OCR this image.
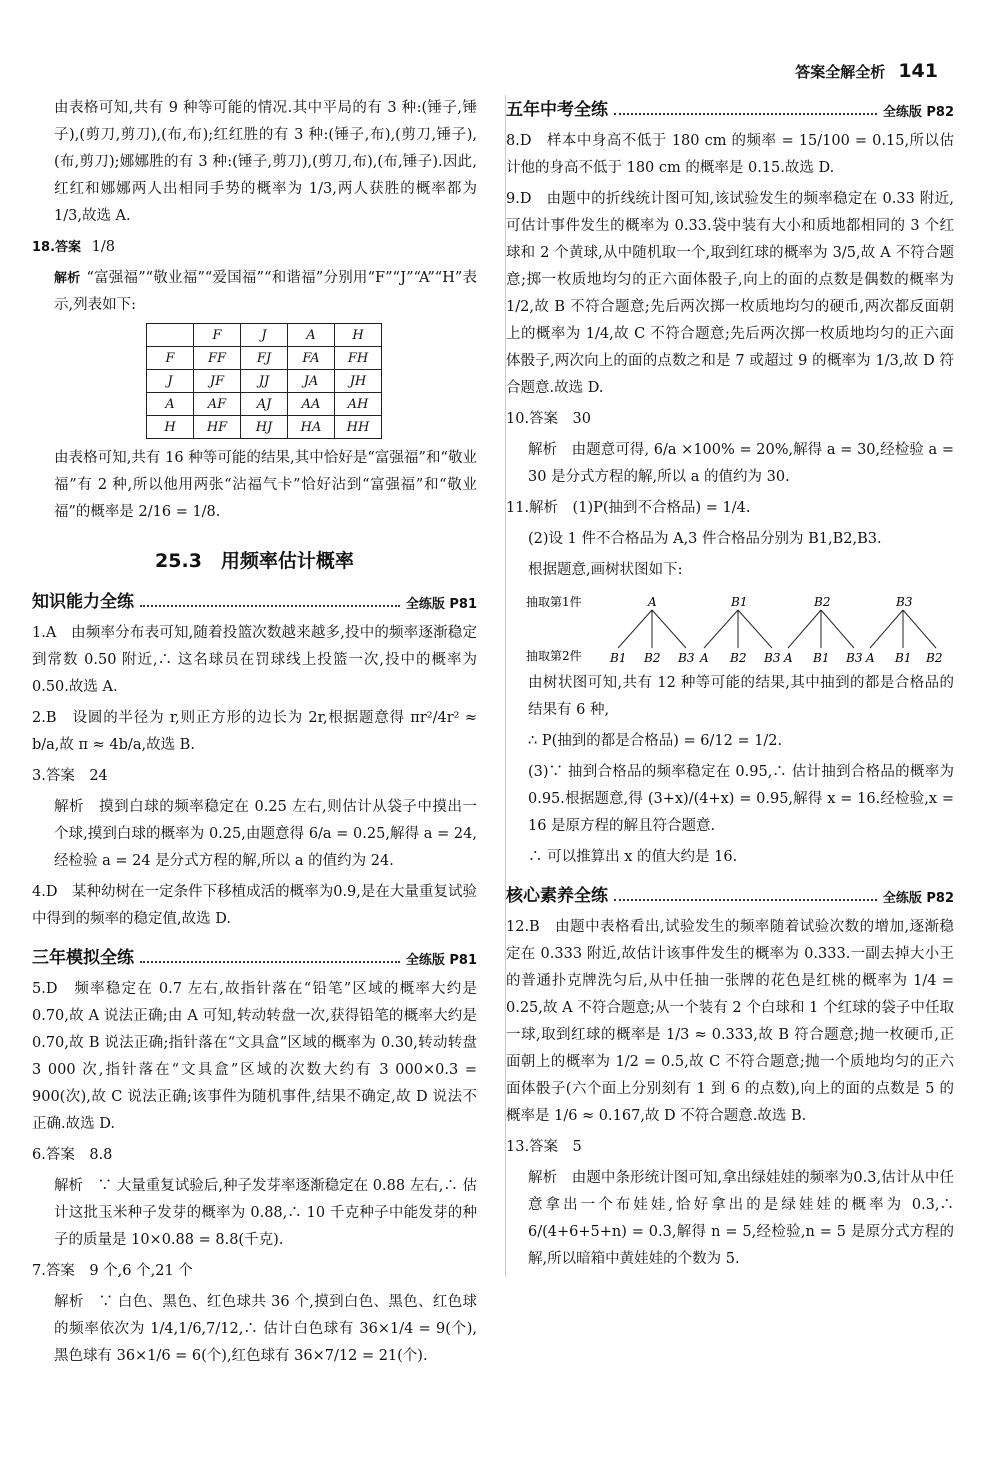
答案全解全析 141

由表格可知,共有 9 种等可能的情况.其中平局的有 3 种:(锤子,锤子),(剪刀,剪刀),(布,布);红红胜的有 3 种:(锤子,布),(剪刀,锤子),(布,剪刀);娜娜胜的有 3 种:(锤子,剪刀),(剪刀,布),(布,锤子).因此,红红和娜娜两人出相同手势的概率为 1/3,两人获胜的概率都为 1/3,故选 A.

18.答案 1/8

解析 “富强福”“敬业福”“爱国福”“和谐福”分别用“F”“J”“A”“H”表示,列表如下:

	F	J	A	H
F	FF	FJ	FA	FH
J	JF	JJ	JA	JH
A	AF	AJ	AA	AH
H	HF	HJ	HA	HH

由表格可知,共有 16 种等可能的结果,其中恰好是“富强福”和“敬业福”有 2 种,所以他用两张“沾福气卡”恰好沾到“富强福”和“敬业福”的概率是 2/16 = 1/8.

25.3　用频率估计概率
知识能力全练	全练版 P81

1.A　由频率分布表可知,随着投篮次数越来越多,投中的频率逐渐稳定到常数 0.50 附近,∴ 这名球员在罚球线上投篮一次,投中的概率为 0.50.故选 A.

2.B　设圆的半径为 r,则正方形的边长为 2r,根据题意得 πr²/4r² ≈ b/a,故 π ≈ 4b/a,故选 B.

3.答案　24

解析　摸到白球的频率稳定在 0.25 左右,则估计从袋子中摸出一个球,摸到白球的概率为 0.25,由题意得 6/a = 0.25,解得 a = 24,经检验 a = 24 是分式方程的解,所以 a 的值约为 24.

4.D　某种幼树在一定条件下移植成活的概率为0.9,是在大量重复试验中得到的频率的稳定值,故选 D.

三年模拟全练	全练版 P81

5.D　频率稳定在 0.7 左右,故指针落在“铅笔”区域的概率大约是 0.70,故 A 说法正确;由 A 可知,转动转盘一次,获得铅笔的概率大约是 0.70,故 B 说法正确;指针落在“文具盒”区域的概率为 0.30,转动转盘 3 000 次,指针落在“文具盒”区域的次数大约有 3 000×0.3 = 900(次),故 C 说法正确;该事件为随机事件,结果不确定,故 D 说法不正确.故选 D.

6.答案　8.8

解析　∵ 大量重复试验后,种子发芽率逐渐稳定在 0.88 左右,∴ 估计这批玉米种子发芽的概率为 0.88,∴ 10 千克种子中能发芽的种子的质量是 10×0.88 = 8.8(千克).

7.答案　9 个,6 个,21 个

解析　∵ 白色、黑色、红色球共 36 个,摸到白色、黑色、红色球的频率依次为 1/4,1/6,7/12,∴ 估计白色球有 36×1/4 = 9(个),黑色球有 36×1/6 = 6(个),红色球有 36×7/12 = 21(个).

五年中考全练	全练版 P82

8.D　样本中身高不低于 180 cm 的频率 = 15/100 = 0.15,所以估计他的身高不低于 180 cm 的概率是 0.15.故选 D.

9.D　由题中的折线统计图可知,该试验发生的频率稳定在 0.33 附近,可估计事件发生的概率为 0.33.袋中装有大小和质地都相同的 3 个红球和 2 个黄球,从中随机取一个,取到红球的概率为 3/5,故 A 不符合题意;掷一枚质地均匀的正六面体骰子,向上的面的点数是偶数的概率为 1/2,故 B 不符合题意;先后两次掷一枚质地均匀的硬币,两次都反面朝上的概率为 1/4,故 C 不符合题意;先后两次掷一枚质地均匀的正六面体骰子,两次向上的面的点数之和是 7 或超过 9 的概率为 1/3,故 D 符合题意.故选 D.

10.答案　30

解析　由题意可得, 6/a ×100% = 20%,解得 a = 30,经检验 a = 30 是分式方程的解,所以 a 的值约为 30.

11.解析　(1)P(抽到不合格品) = 1/4.

(2)设 1 件不合格品为 A,3 件合格品分别为 B1,B2,B3.

根据题意,画树状图如下:

抽取第1件
抽取第2件
A	B1	B2	B3
B1 B2 B3 A B2 B3 A B1 B3 A B1 B2

由树状图可知,共有 12 种等可能的结果,其中抽到的都是合格品的结果有 6 种,

∴ P(抽到的都是合格品) = 6/12 = 1/2.

(3)∵ 抽到合格品的频率稳定在 0.95,∴ 估计抽到合格品的概率为 0.95.根据题意,得 (3+x)/(4+x) = 0.95,解得 x = 16.经检验,x = 16 是原方程的解且符合题意.

∴ 可以推算出 x 的值大约是 16.

核心素养全练	全练版 P82

12.B　由题中表格看出,试验发生的频率随着试验次数的增加,逐渐稳定在 0.333 附近,故估计该事件发生的概率为 0.333.一副去掉大小王的普通扑克牌洗匀后,从中任抽一张牌的花色是红桃的概率为 1/4 = 0.25,故 A 不符合题意;从一个装有 2 个白球和 1 个红球的袋子中任取一球,取到红球的概率是 1/3 ≈ 0.333,故 B 符合题意;抛一枚硬币,正面朝上的概率为 1/2 = 0.5,故 C 不符合题意;抛一个质地均匀的正六面体骰子(六个面上分别刻有 1 到 6 的点数),向上的面的点数是 5 的概率是 1/6 ≈ 0.167,故 D 不符合题意.故选 B.

13.答案　5

解析　由题中条形统计图可知,拿出绿娃娃的频率为0.3,估计从中任意拿出一个布娃娃,恰好拿出的是绿娃娃的概率为 0.3,∴ 6/(4+6+5+n) = 0.3,解得 n = 5,经检验,n = 5 是原分式方程的解,所以暗箱中黄娃娃的个数为 5.
